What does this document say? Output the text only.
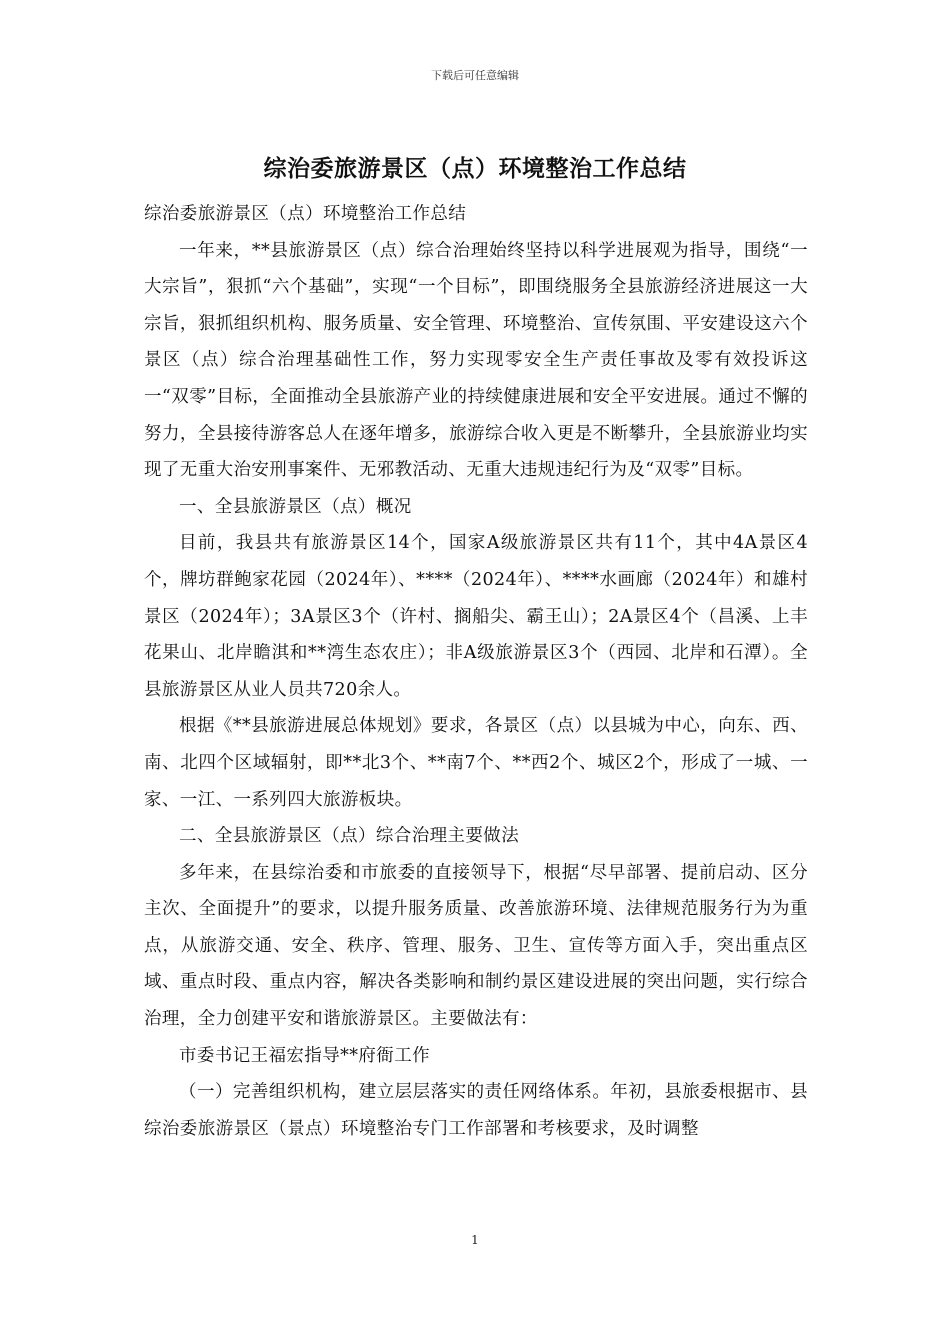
下载后可任意编辑
综治委旅游景区（点）环境整治工作总结

综治委旅游景区（点）环境整治工作总结

一年来，**县旅游景区（点）综合治理始终坚持以科学进展观为指导，围绕“一大宗旨”，狠抓“六个基础”，实现“一个目标”，即围绕服务全县旅游经济进展这一大宗旨，狠抓组织机构、服务质量、安全管理、环境整治、宣传氛围、平安建设这六个景区（点）综合治理基础性工作，努力实现零安全生产责任事故及零有效投诉这一“双零”目标，全面推动全县旅游产业的持续健康进展和安全平安进展。通过不懈的努力，全县接待游客总人在逐年增多，旅游综合收入更是不断攀升，全县旅游业均实现了无重大治安刑事案件、无邪教活动、无重大违规违纪行为及“双零”目标。

一、全县旅游景区（点）概况

目前，我县共有旅游景区14个，国家A级旅游景区共有11个，其中4A景区4个，牌坊群鲍家花园（2024年）、****（2024年）、****水画廊（2024年）和雄村景区（2024年）；3A景区3个（许村、搁船尖、霸王山）；2A景区4个（昌溪、上丰花果山、北岸瞻淇和**湾生态农庄）；非A级旅游景区3个（西园、北岸和石潭）。全县旅游景区从业人员共720余人。

根据《**县旅游进展总体规划》要求，各景区（点）以县城为中心，向东、西、南、北四个区域辐射，即**北3个、**南7个、**西2个、城区2个，形成了一城、一家、一江、一系列四大旅游板块。

二、全县旅游景区（点）综合治理主要做法

多年来，在县综治委和市旅委的直接领导下，根据“尽早部署、提前启动、区分主次、全面提升”的要求，以提升服务质量、改善旅游环境、法律规范服务行为为重点，从旅游交通、安全、秩序、管理、服务、卫生、宣传等方面入手，突出重点区域、重点时段、重点内容，解决各类影响和制约景区建设进展的突出问题，实行综合治理，全力创建平安和谐旅游景区。主要做法有：

市委书记王福宏指导**府衙工作

（一）完善组织机构，建立层层落实的责任网络体系。年初，县旅委根据市、县综治委旅游景区（景点）环境整治专门工作部署和考核要求，及时调整

1
